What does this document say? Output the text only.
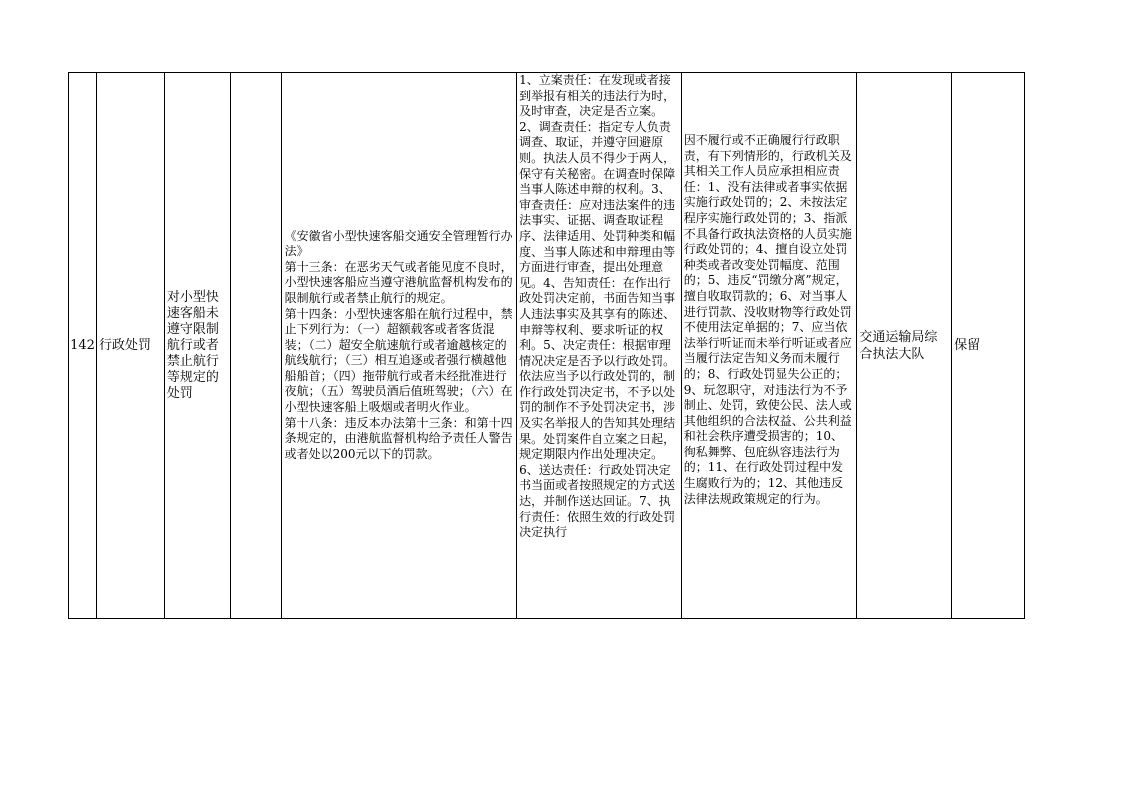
142 行政处罚
对小型快速客船未遵守限制航行或者禁止航行等规定的处罚

《安徽省小型快速客船交通安全管理暂行办法》
第十三条：在恶劣天气或者能见度不良时，小型快速客船应当遵守港航监督机构发布的限制航行或者禁止航行的规定。
第十四条：小型快速客船在航行过程中，禁止下列行为：（一）超额载客或者客货混装；（二）超安全航速航行或者逾越核定的航线航行；（三）相互追逐或者强行横越他船船首；（四）拖带航行或者未经批准进行夜航；（五）驾驶员酒后值班驾驶；（六）在小型快速客船上吸烟或者明火作业。
第十八条：违反本办法第十三条：和第十四条规定的，由港航监督机构给予责任人警告或者处以200元以下的罚款。

1、立案责任：在发现或者接到举报有相关的违法行为时，及时审查，决定是否立案。2、调查责任：指定专人负责调查、取证，并遵守回避原则。执法人员不得少于两人，保守有关秘密。在调查时保障当事人陈述申辩的权利。3、审查责任：应对违法案件的违法事实、证据、调查取证程序、法律适用、处罚种类和幅度、当事人陈述和申辩理由等方面进行审查，提出处理意见。4、告知责任：在作出行政处罚决定前，书面告知当事人违法事实及其享有的陈述、申辩等权利、要求听证的权利。5、决定责任：根据审理情况决定是否予以行政处罚。依法应当予以行政处罚的，制作行政处罚决定书，不予以处罚的制作不予处罚决定书，涉及实名举报人的告知其处理结果。处罚案件自立案之日起，规定期限内作出处理决定。
6、送达责任：行政处罚决定书当面或者按照规定的方式送达，并制作送达回证。7、执行责任：依照生效的行政处罚决定执行

因不履行或不正确履行行政职责，有下列情形的，行政机关及其相关工作人员应承担相应责任：1、没有法律或者事实依据实施行政处罚的；2、未按法定程序实施行政处罚的；3、指派不具备行政执法资格的人员实施行政处罚的；4、擅自设立处罚种类或者改变处罚幅度、范围的；5、违反“罚缴分离”规定，擅自收取罚款的；6、对当事人进行罚款、没收财物等行政处罚不使用法定单据的；7、应当依法举行听证而未举行听证或者应当履行法定告知义务而未履行的；8、行政处罚显失公正的；9、玩忽职守，对违法行为不予制止、处罚，致使公民、法人或其他组织的合法权益、公共利益和社会秩序遭受损害的；10、徇私舞弊、包庇纵容违法行为的；11、在行政处罚过程中发生腐败行为的；12、其他违反法律法规政策规定的行为。

交通运输局综合执法大队
保留
